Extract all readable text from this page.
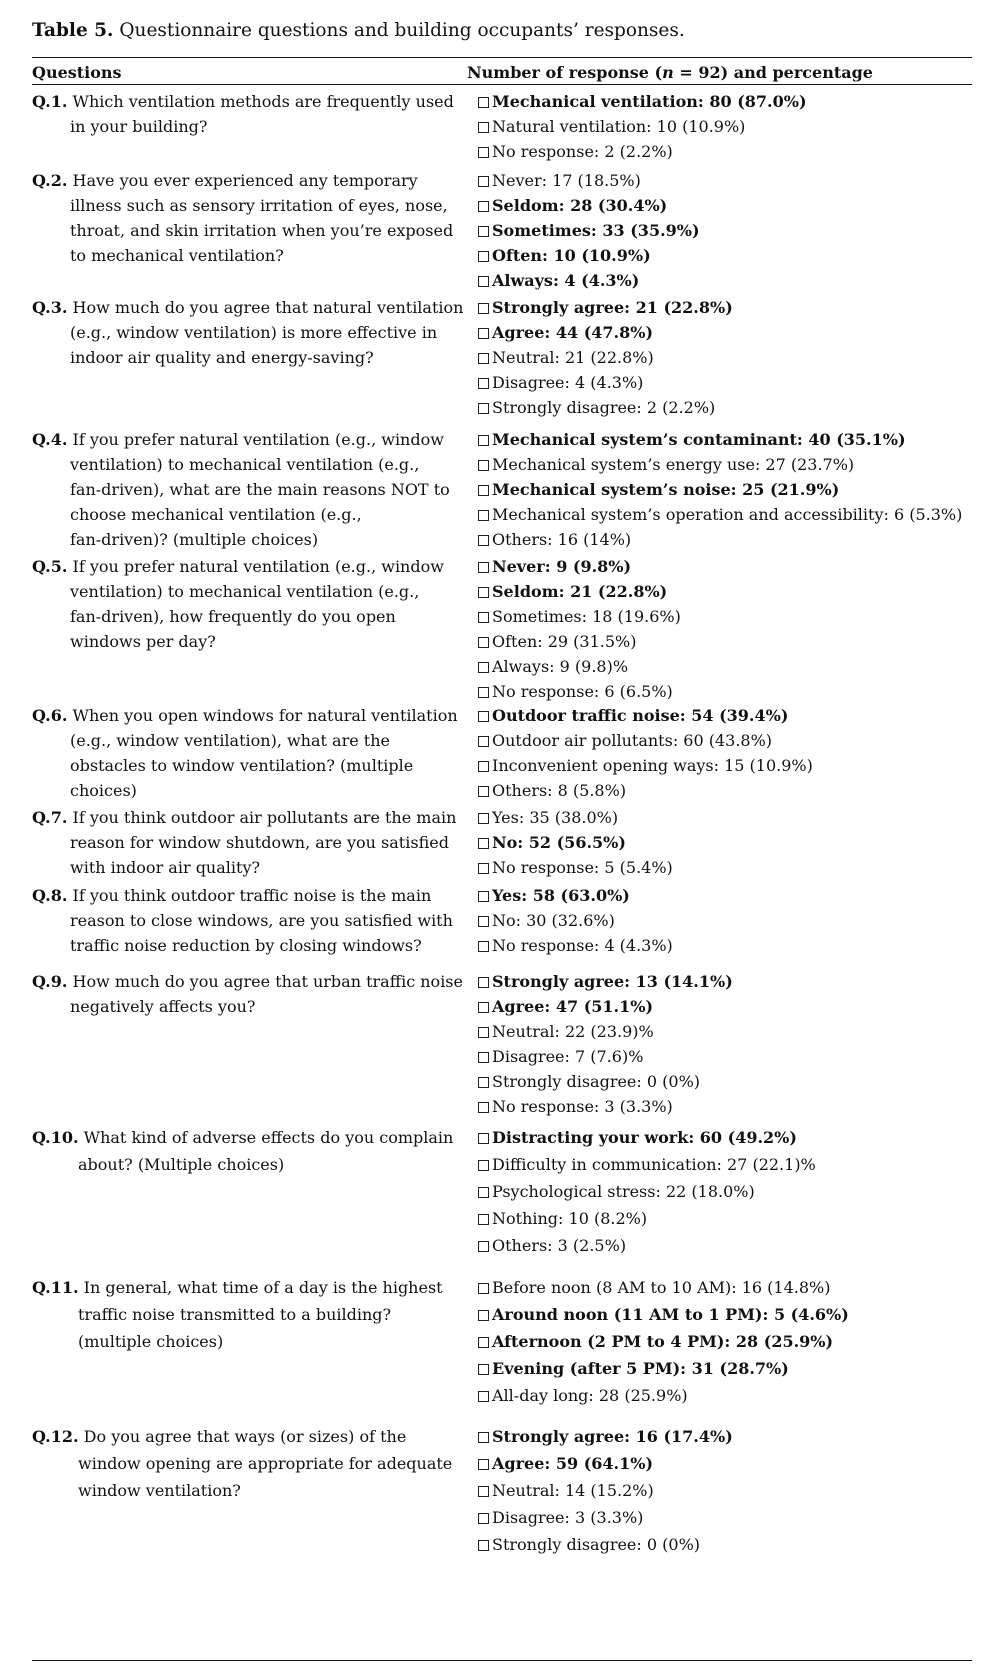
Table 5. Questionnaire questions and building occupants’ responses.
Questions	Number of response (n = 92) and percentage
Q.1. Which ventilation methods are frequently used
in your building?
Mechanical ventilation: 80 (87.0%)
Natural ventilation: 10 (10.9%)
No response: 2 (2.2%)
Q.2. Have you ever experienced any temporary
illness such as sensory irritation of eyes, nose,
throat, and skin irritation when you’re exposed
to mechanical ventilation?
Never: 17 (18.5%)
Seldom: 28 (30.4%)
Sometimes: 33 (35.9%)
Often: 10 (10.9%)
Always: 4 (4.3%)
Q.3. How much do you agree that natural ventilation
(e.g., window ventilation) is more effective in
indoor air quality and energy-saving?
Strongly agree: 21 (22.8%)
Agree: 44 (47.8%)
Neutral: 21 (22.8%)
Disagree: 4 (4.3%)
Strongly disagree: 2 (2.2%)
Q.4. If you prefer natural ventilation (e.g., window
ventilation) to mechanical ventilation (e.g.,
fan-driven), what are the main reasons NOT to
choose mechanical ventilation (e.g.,
fan-driven)? (multiple choices)
Mechanical system’s contaminant: 40 (35.1%)
Mechanical system’s energy use: 27 (23.7%)
Mechanical system’s noise: 25 (21.9%)
Mechanical system’s operation and accessibility: 6 (5.3%)
Others: 16 (14%)
Q.5. If you prefer natural ventilation (e.g., window
ventilation) to mechanical ventilation (e.g.,
fan-driven), how frequently do you open
windows per day?
Never: 9 (9.8%)
Seldom: 21 (22.8%)
Sometimes: 18 (19.6%)
Often: 29 (31.5%)
Always: 9 (9.8)%
No response: 6 (6.5%)
Q.6. When you open windows for natural ventilation
(e.g., window ventilation), what are the
obstacles to window ventilation? (multiple
choices)
Outdoor traffic noise: 54 (39.4%)
Outdoor air pollutants: 60 (43.8%)
Inconvenient opening ways: 15 (10.9%)
Others: 8 (5.8%)
Q.7. If you think outdoor air pollutants are the main
reason for window shutdown, are you satisfied
with indoor air quality?
Yes: 35 (38.0%)
No: 52 (56.5%)
No response: 5 (5.4%)
Q.8. If you think outdoor traffic noise is the main
reason to close windows, are you satisfied with
traffic noise reduction by closing windows?
Yes: 58 (63.0%)
No: 30 (32.6%)
No response: 4 (4.3%)
Q.9. How much do you agree that urban traffic noise
negatively affects you?
Strongly agree: 13 (14.1%)
Agree: 47 (51.1%)
Neutral: 22 (23.9)%
Disagree: 7 (7.6)%
Strongly disagree: 0 (0%)
No response: 3 (3.3%)
Q.10. What kind of adverse effects do you complain
about? (Multiple choices)
Distracting your work: 60 (49.2%)
Difficulty in communication: 27 (22.1)%
Psychological stress: 22 (18.0%)
Nothing: 10 (8.2%)
Others: 3 (2.5%)
Q.11. In general, what time of a day is the highest
traffic noise transmitted to a building?
(multiple choices)
Before noon (8 AM to 10 AM): 16 (14.8%)
Around noon (11 AM to 1 PM): 5 (4.6%)
Afternoon (2 PM to 4 PM): 28 (25.9%)
Evening (after 5 PM): 31 (28.7%)
All-day long: 28 (25.9%)
Q.12. Do you agree that ways (or sizes) of the
window opening are appropriate for adequate
window ventilation?
Strongly agree: 16 (17.4%)
Agree: 59 (64.1%)
Neutral: 14 (15.2%)
Disagree: 3 (3.3%)
Strongly disagree: 0 (0%)
